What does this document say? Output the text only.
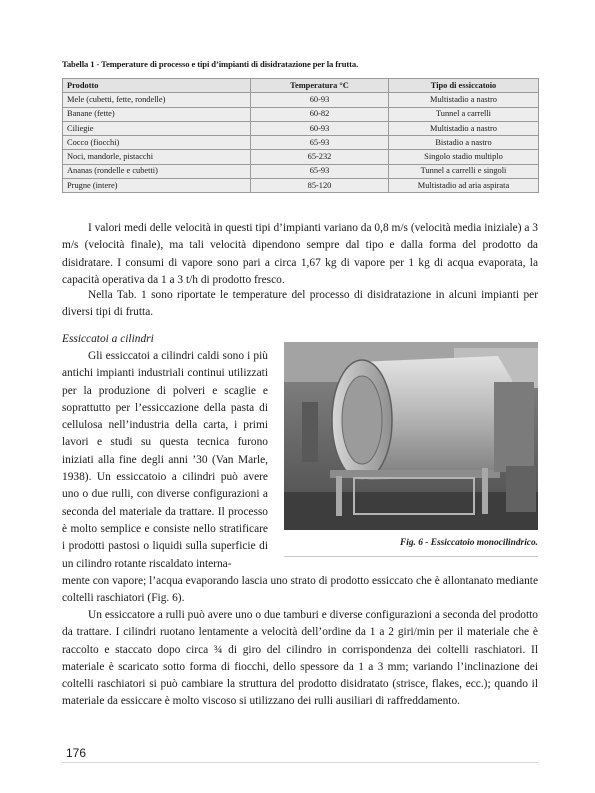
Tabella 1 - Temperature di processo e tipi d’impianti di disidratazione per la frutta.
Prodotto	Temperatura °C	Tipo di essiccatoio
Mele (cubetti, fette, rondelle)	60-93	Multistadio a nastro
Banane (fette)	60-82	Tunnel a carrelli
Ciliegie	60-93	Multistadio a nastro
Cocco (fiocchi)	65-93	Bistadio a nastro
Noci, mandorle, pistacchi	65-232	Singolo stadio multiplo
Ananas (rondelle e cubetti)	65-93	Tunnel a carrelli e singoli
Prugne (intere)	85-120	Multistadio ad aria aspirata

I valori medi delle velocità in questi tipi d’impianti variano da 0,8 m/s (velocità media iniziale) a 3 m/s (velocità finale), ma tali velocità dipendono sempre dal tipo e dalla forma del prodotto da disidratare. I consumi di vapore sono pari a circa 1,67 kg di vapore per 1 kg di acqua evaporata, la capacità operativa da 1 a 3 t/h di prodotto fresco.

Nella Tab. 1 sono riportate le temperature del processo di disidratazione in alcuni impianti per diversi tipi di frutta.

Essiccatoi a cilindri

Gli essiccatoi a cilindri caldi sono i più antichi impianti industriali continui utilizzati per la produzione di polveri e scaglie e soprattutto per l’essiccazione della pasta di cellulosa nell’industria della carta, i primi lavori e studi su questa tecnica furono iniziati alla fine degli anni ’30 (Van Marle, 1938). Un essiccatoio a cilindri può avere uno o due rulli, con diverse configurazioni a seconda del materiale da trattare. Il processo è molto semplice e consiste nello stratificare i prodotti pastosi o liquidi sulla superficie di un cilindro rotante riscaldato interna-

Fig. 6 - Essiccatoio monocilindrico.

mente con vapore; l’acqua evaporando lascia uno strato di prodotto essiccato che è allontanato mediante coltelli raschiatori (Fig. 6).

Un essiccatore a rulli può avere uno o due tamburi e diverse configurazioni a seconda del prodotto da trattare. I cilindri ruotano lentamente a velocità dell’ordine da 1 a 2 giri/min per il materiale che è raccolto e staccato dopo circa ¾ di giro del cilindro in corrispondenza dei coltelli raschiatori. Il materiale è scaricato sotto forma di fiocchi, dello spessore da 1 a 3 mm; variando l’inclinazione dei coltelli raschiatori si può cambiare la struttura del prodotto disidratato (strisce, flakes, ecc.); quando il materiale da essiccare è molto viscoso si utilizzano dei rulli ausiliari di raffreddamento.

176
